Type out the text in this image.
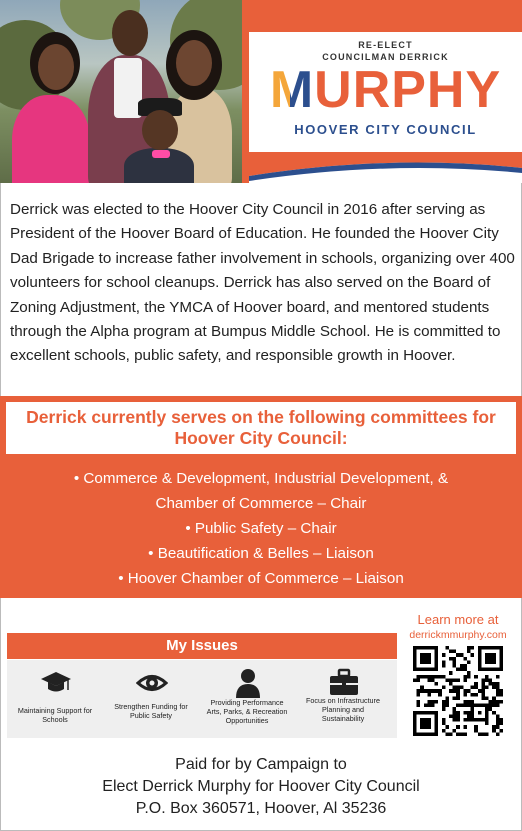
RE-ELECT
COUNCILMAN DERRICK
MURPHY
HOOVER CITY COUNCIL

Derrick was elected to the Hoover City Council in 2016 after serving as President of the Hoover Board of Education. He founded the Hoover City Dad Brigade to increase father involvement in schools, organizing over 400 volunteers for school cleanups. Derrick has also served on the Board of Zoning Adjustment, the YMCA of Hoover board, and mentored students through the Alpha program at Bumpus Middle School. He is committed to excellent schools, public safety, and responsible growth in Hoover.

Derrick currently serves on the following committees for
Hoover City Council:
• Commerce & Development, Industrial Development, &
Chamber of Commerce – Chair
• Public Safety – Chair
• Beautification & Belles – Liaison
• Hoover Chamber of Commerce – Liaison
Learn more at
derrickmmurphy.com
My Issues
Maintaining Support for
Schools
Strengthen Funding for
Public Safety
Providing Performance
Arts, Parks, & Recreation
Opportunities
Focus on Infrastructure
Planning and
Sustainability
Paid for by Campaign to
Elect Derrick Murphy for Hoover City Council
P.O. Box 360571, Hoover, Al 35236
